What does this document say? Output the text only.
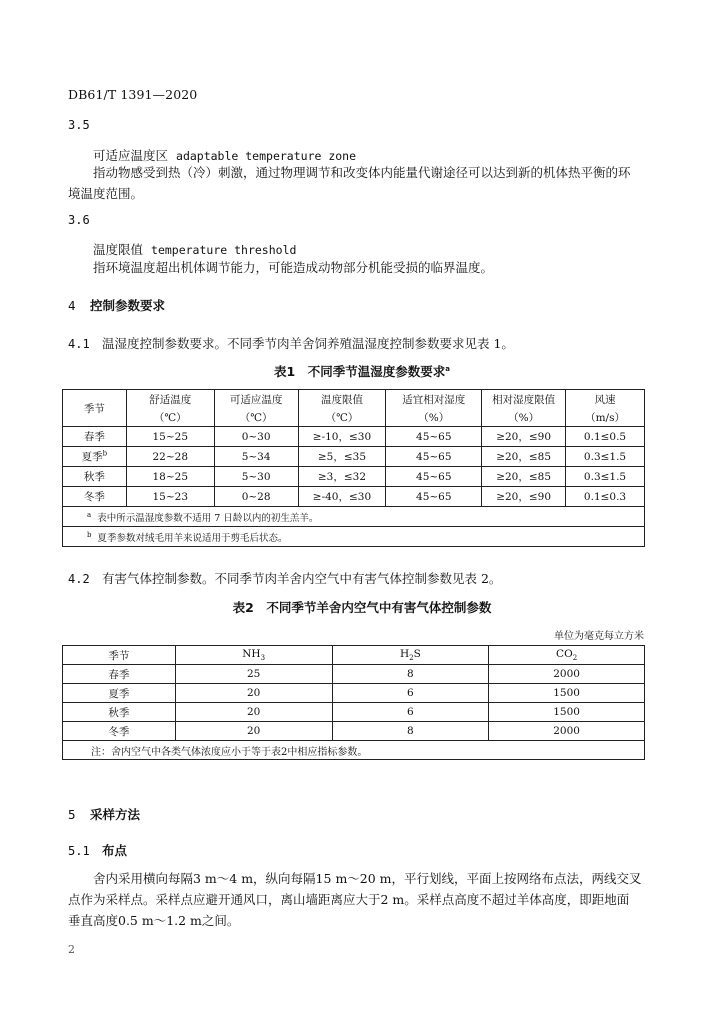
DB61/T 1391—2020
3.5
可适应温度区 adaptable temperature zone
指动物感受到热（冷）刺激，通过物理调节和改变体内能量代谢途径可以达到新的机体热平衡的环
境温度范围。
3.6
温度限值 temperature threshold
指环境温度超出机体调节能力，可能造成动物部分机能受损的临界温度。
4 控制参数要求
4.1 温湿度控制参数要求。不同季节肉羊舍饲养殖温湿度控制参数要求见表 1。
表1　不同季节温湿度参数要求$^a$
季节	舒适温度	可适应温度	温度限值	适宜相对湿度	相对湿度限值	风速
	（℃）	（℃）	（℃）	（%）	（%）	（m/s）
春季	15~25	0~30	≥-10，≤30	45~65	≥20，≤90	0.1≤0.5
夏季$^b$	22~28	5~34	≥5，≤35	45~65	≥20，≤85	0.3≤1.5
秋季	18~25	5~30	≥3，≤32	45~65	≥20，≤85	0.3≤1.5
冬季	15~23	0~28	≥-40，≤30	45~65	≥20，≤90	0.1≤0.3
$^a$ 表中所示温湿度参数不适用 7 日龄以内的初生羔羊。						
$^b$ 夏季参数对绒毛用羊来说适用于剪毛后状态。						
4.2 有害气体控制参数。不同季节肉羊舍内空气中有害气体控制参数见表 2。
表2　不同季节羊舍内空气中有害气体控制参数
单位为毫克每立方米
季节	$NH_3$	$H_2S$	$CO_2$
春季	25	8	2000
夏季	20	6	1500
秋季	20	6	1500
冬季	20	8	2000
注：舍内空气中各类气体浓度应小于等于表2中相应指标参数。			
5 采样方法
5.1 布点
舍内采用横向每隔3 m～4 m，纵向每隔15 m～20 m，平行划线，平面上按网络布点法，两线交叉
点作为采样点。采样点应避开通风口，离山墙距离应大于2 m。采样点高度不超过羊体高度，即距地面
垂直高度0.5 m～1.2 m之间。
2
